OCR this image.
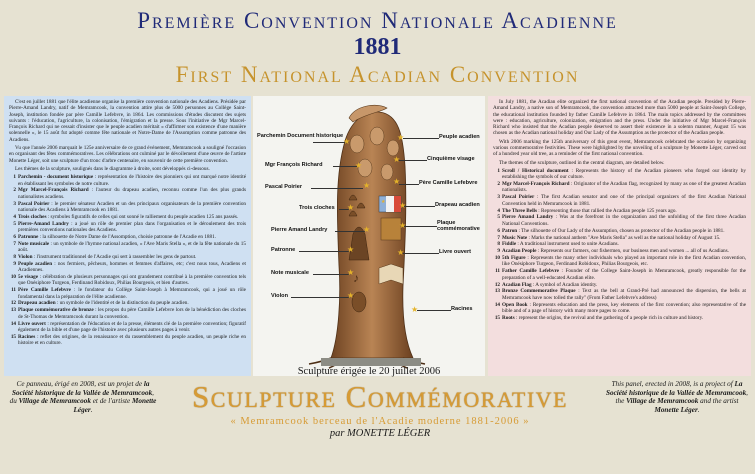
Première Convention Nationale Acadienne
1881
First National Acadian Convention

C'est en juillet 1881 que l'élite acadienne organise la première convention nationale des Acadiens. Présidée par Pierre-Amand Landry, natif de Memramcook, la convention attire plus de 5000 personnes au Collège Saint-Joseph, institution fondée par père Camille Lefebvre, in 1864. Les commissions d'études discutent des sujets suivants : l'éducation, l'agriculture, la colonisation, l'émigration et la presse. Sous l'initiative de Mgr Marcel-François Richard qui ne cessait d'insister que le peuple acadien méritait « d'affirmer son existence d'une manière solennelle », le 15 août fut adopté comme fête nationale et Notre-Dame de l'Assomption comme patronne des Acadiens.

Vu que l'année 2006 marquait le 125e anniversaire de ce grand événement, Memramcook a souligné l'occasion en organisant des fêtes commémoratives. Les célébrations ont culminé par le dévoilement d'une œuvre de l'artiste Monette Léger, soit une sculpture d'un tronc d'arbre centenaire, en souvenir de cette première convention.

Les thèmes de la sculpture, soulignés dans le diagramme à droite, sont développés ci-dessous.

1 Parchemin - document historique : représentation de l'histoire des pionniers qui ont marqué notre identité en établissant les symboles de notre culture.
2 Mgr Marcel-François Richard : l'auteur du drapeau acadien, reconnu comme l'un des plus grands nationalistes acadiens.
3 Pascal Poirier : le premier sénateur Acadien et un des principaux organisateurs de la première convention nationale des Acadiens à Memramcook en 1881.
4 Trois cloches : symboles figuratifs de celles qui ont sonné le ralliement du peuple acadien 125 ans passés.
5 Pierre-Amand Landry : a joué un rôle de premier plan dans l'organisation et le déroulement des trois premières conventions nationales des Acadiens.
6 Patronne : la silhouette de Notre Dame de l'Assomption, choisie patronne de l'Acadie en 1881.
7 Note musicale : un symbole de l'hymne national acadien, « l'Ave Maris Stella », et de la fête nationale du 15 août.
8 Violon : l'instrument traditionnel de l'Acadie qui sert à rassembler les gens de partout.
9 Peuple acadien : nos fermiers, pêcheurs, hommes et femmes d'affaires, etc; c'est nous tous, Acadiens et Acadiennes.
10 5e visage : célébration de plusieurs personnages qui ont grandement contribué à la première convention tels que Onésiphore Turgeon, Ferdinand Robidoux, Philias Bourgeois, et bien d'autres.
11 Père Camille Lefebvre : le fondateur du Collège Saint-Joseph à Memramcook, qui a joué un rôle fondamental dans la préparation de l'élite acadienne.
12 Drapeau acadien : un symbole de l'identité et de la distinction du peuple acadien.
13 Plaque commémorative de bronze : les propos du père Camille Lefebvre lors de la bénédiction des cloches de St-Thomas de Memramcook durant la convention.
14 Livre ouvert : représentation de l'éducation et de la presse, éléments clé de la première convention; figuratif également de la bible et d'une page de l'histoire avec plusieurs autres pages à venir.
15 Racines : reflet des origines, de la renaissance et du rassemblement du peuple acadien, un peuple riche en histoire et en culture.
★
♪
Parchemin Document historique
★
Mgr François Richard	★
Pascal Poirier	★
Trois cloches ★
Pierre Amand Landry	★
Patronne	★
Note musicale	★
Violon	★
Peuple acadien
★
Cinquième visage
★
Père Camille Lefebvre
★
Drapeau acadien
★
Plaque commémorative
★
Livre ouvert
★
Racines
★
Sculpture érigée le 20 juillet 2006

In July 1881, the Acadian elite organized the first national convention of the Acadian people. Presided by Pierre-Amand Landry, a native son of Memramcook, the convention attracted more than 5000 people at Saint-Joseph College, the educational institution founded by father Camille Lefebvre in 1864. The main topics addressed by the committees were : education, agriculture, colonization, emigration and the press. Under the initiative of Mgr Marcel-François Richard who insisted that the Acadian people deserved to assert their existence in a solemn manner, August 15 was chosen as the Acadian national holiday and Our Lady of the Assumption as the protector of the Acadian people.

With 2006 marking the 125th anniversary of this great event, Memramcook celebrated the occasion by organizing various commemorative festivities. These were highlighted by the unveiling of a sculpture by Monette Léger, carved out of a hundred year old tree, as a reminder of the first national convention.

The themes of the sculpture, outlined in the central diagram, are detailed below.

1 Scroll / Historical document : Represents the history of the Acadian pioneers who forged our identity by establishing the symbols of our culture.
2 Mgr Marcel-François Richard : Originator of the Acadian flag, recognized by many as one of the greatest Acadian nationalists.
3 Pascal Poirier : The first Acadian senator and one of the principal organizers of the first Acadian National Convention held in Memramcook in 1881.
4 The Three Bells : Representing those that rallied the Acadian people 125 years ago.
5 Pierre Amand Landry : Was at the forefront in the organization and the unfolding of the first three Acadian National Conventions.
6 Patron : The silhouette of Our Lady of the Assumption, chosen as protector of the Acadian people in 1881.
7 Music Note : Marks the national anthem "Ave Maris Stella" as well as the national holiday of August 15.
8 Fiddle : A traditional instrument used to unite Acadians.
9 Acadian People : Represents our farmers, our fishermen, our business men and women ... all of us Acadians.
10 5th Figure : Represents the many other individuals who played an important role in the first Acadian convention, like Onésiphore Turgeon, Ferdinand Robidoux, Philias Bourgeois, etc.
11 Father Camille Lefebvre : Founder of the College Saint-Joseph in Memramcook, greatly responsible for the preparation of a well-educated Acadian elite.
12 Acadian Flag : A symbol of Acadian identity.
13 Bronze Commemorative Plaque : Text as the bell at Grand-Pré had announced the dispersion, the bells at Memramcook have now tolled the rally" (From Father Lefebvre's address)
14 Open Book : Represents education and the press, key elements of the first convention; also representative of the bible and of a page of history with many more pages to come.
15 Roots : represent the origins, the revival and the gathering of a people rich in culture and history.
Ce panneau, érigé en 2008, est un projet de la Société historique de la Vallée de Memramcook, du Village de Memramcook et de l'artiste Monette Léger.	Sculpture Commémorative
« Memramcook berceau de l'Acadie moderne 1881-2006 »
par MONETTE LÉGER
This panel, erected in 2008, is a project of La Société historique de la Vallée de Memramcook, the Village de Memramcook and the artist Monette Léger.
